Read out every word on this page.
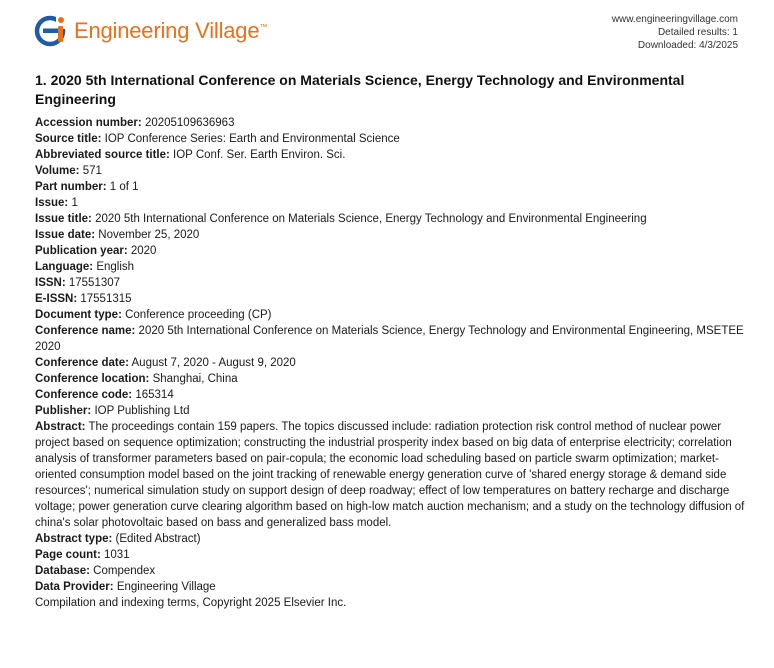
Engineering Village™
www.engineeringvillage.com
Detailed results: 1
Downloaded: 4/3/2025
1. 2020 5th International Conference on Materials Science, Energy Technology and Environmental Engineering
Accession number: 20205109636963
Source title: IOP Conference Series: Earth and Environmental Science
Abbreviated source title: IOP Conf. Ser. Earth Environ. Sci.
Volume: 571
Part number: 1 of 1
Issue: 1
Issue title: 2020 5th International Conference on Materials Science, Energy Technology and Environmental Engineering
Issue date: November 25, 2020
Publication year: 2020
Language: English
ISSN: 17551307
E-ISSN: 17551315
Document type: Conference proceeding (CP)
Conference name: 2020 5th International Conference on Materials Science, Energy Technology and Environmental Engineering, MSETEE 2020
Conference date: August 7, 2020 - August 9, 2020
Conference location: Shanghai, China
Conference code: 165314
Publisher: IOP Publishing Ltd
Abstract: The proceedings contain 159 papers. The topics discussed include: radiation protection risk control method of nuclear power project based on sequence optimization; constructing the industrial prosperity index based on big data of enterprise electricity; correlation analysis of transformer parameters based on pair-copula; the economic load scheduling based on particle swarm optimization; market-oriented consumption model based on the joint tracking of renewable energy generation curve of 'shared energy storage & demand side resources'; numerical simulation study on support design of deep roadway; effect of low temperatures on battery recharge and discharge voltage; power generation curve clearing algorithm based on high-low match auction mechanism; and a study on the technology diffusion of china's solar photovoltaic based on bass and generalized bass model.
Abstract type: (Edited Abstract)
Page count: 1031
Database: Compendex
Data Provider: Engineering Village
Compilation and indexing terms, Copyright 2025 Elsevier Inc.
